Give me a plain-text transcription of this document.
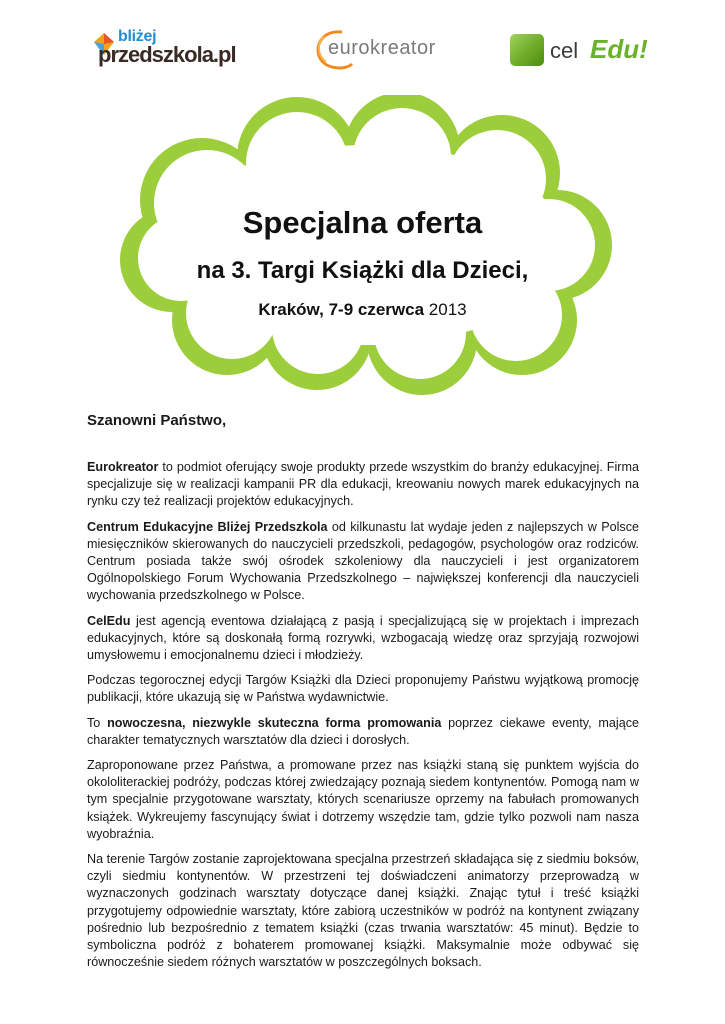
bliżej
przedszkola.pl	eurokreator	cel Edu!
Specjalna oferta
na 3. Targi Książki dla Dzieci,
Kraków, 7-9 czerwca 2013
Szanowni Państwo,

Eurokreator to podmiot oferujący swoje produkty przede wszystkim do branży edukacyjnej. Firma specjalizuje się w realizacji kampanii PR dla edukacji, kreowaniu nowych marek edukacyjnych na rynku czy też realizacji projektów edukacyjnych.

Centrum Edukacyjne Bliżej Przedszkola od kilkunastu lat wydaje jeden z najlepszych w Polsce miesięczników skierowanych do nauczycieli przedszkoli, pedagogów, psychologów oraz rodziców. Centrum posiada także swój ośrodek szkoleniowy dla nauczycieli i jest organizatorem Ogólnopolskiego Forum Wychowania Przedszkolnego – największej konferencji dla nauczycieli wychowania przedszkolnego w Polsce.

CelEdu jest agencją eventowa działającą z pasją i specjalizującą się w projektach i imprezach edukacyjnych, które są doskonałą formą rozrywki, wzbogacają wiedzę oraz sprzyjają rozwojowi umysłowemu i emocjonalnemu dzieci i młodzieży.

Podczas tegorocznej edycji Targów Książki dla Dzieci proponujemy Państwu wyjątkową promocję publikacji, które ukazują się w Państwa wydawnictwie.

To nowoczesna, niezwykle skuteczna forma promowania poprzez ciekawe eventy, mające charakter tematycznych warsztatów dla dzieci i dorosłych.

Zaproponowane przez Państwa, a promowane przez nas książki staną się punktem wyjścia do okololiterackiej podróży, podczas której zwiedzający poznają siedem kontynentów. Pomogą nam w tym specjalnie przygotowane warsztaty, których scenariusze oprzemy na fabułach promowanych książek. Wykreujemy fascynujący świat i dotrzemy wszędzie tam, gdzie tylko pozwoli nam nasza wyobraźnia.

Na terenie Targów zostanie zaprojektowana specjalna przestrzeń składająca się z siedmiu boksów, czyli siedmiu kontynentów. W przestrzeni tej doświadczeni animatorzy przeprowadzą w wyznaczonych godzinach warsztaty dotyczące danej książki. Znając tytuł i treść książki przygotujemy odpowiednie warsztaty, które zabiorą uczestników w podróż na kontynent związany pośrednio lub bezpośrednio z tematem książki (czas trwania warsztatów: 45 minut). Będzie to symboliczna podróż z bohaterem promowanej książki. Maksymalnie może odbywać się równocześnie siedem różnych warsztatów w poszczególnych boksach.
